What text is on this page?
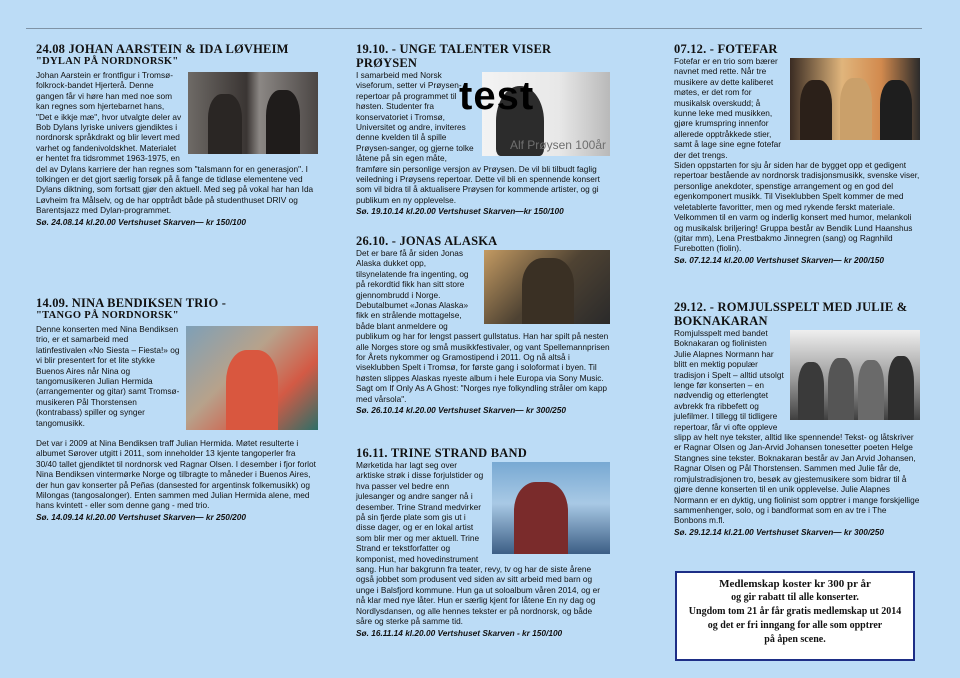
24.08 JOHAN AARSTEIN & IDA LØVHEIM

"DYLAN PÅ NORDNORSK"

Johan Aarstein er frontfigur i Tromsø-folkrock-bandet Hjerterå. Denne gangen får vi høre han med noe som kan regnes som hjertebarnet hans, "Det e ikkje mæ", hvor utvalgte deler av Bob Dylans lyriske univers gjendiktes i nordnorsk språkdrakt og blir levert med varhet og fandenivoldskhet. Materialet er hentet fra tidsrommet 1963-1975, en del av Dylans karriere der han regnes som "talsmann for en generasjon". I tolkingen er det gjort særlig forsøk på å fange de tidløse elementene ved Dylans diktning, som fortsatt gjør den aktuell. Med seg på vokal har han Ida Løvheim fra Målselv, og de har opptrådt både på studenthuset DRIV og Barentsjazz med Dylan-programmet.

Sø. 24.08.14 kl.20.00 Vertshuset Skarven— kr 150/100

14.09. NINA BENDIKSEN TRIO -

"TANGO PÅ NORDNORSK"

Denne konserten med Nina Bendiksen trio, er et samarbeid med latinfestivalen «No Siesta – Fiesta!» og vi blir presentert for et lite stykke Buenos Aires når Nina og tangomusikeren Julian Hermida (arrangementer og gitar) samt Tromsø-musikeren Pål Thorstensen (kontrabass) spiller og synger tangomusikk.

Det var i 2009 at Nina Bendiksen traff Julian Hermida. Møtet resulterte i albumet Sørover utgitt i 2011, som inneholder 13 kjente tangoperler fra 30/40 tallet gjendiktet til nordnorsk ved Ragnar Olsen. I desember i fjor forlot Nina Bendiksen vintermørke Norge og tilbragte to måneder i Buenos Aires, der hun gav konserter på Peñas (dansested for argentinsk folkemusikk) og Milongas (tangosalonger). Enten sammen med Julian Hermida alene, med hans kvintett - eller som denne gang - med trio.

Sø. 14.09.14 kl.20.00 Vertshuset Skarven— kr 250/200

19.10. - UNGE TALENTER VISER PRØYSEN

Alf Prøysen 100år

I samarbeid med Norsk viseforum, setter vi Prøysen-repertoar på programmet til høsten. Studenter fra konservatoriet i Tromsø, Universitet og andre, inviteres denne kvelden til å spille Prøysen-sanger, og gjerne tolke låtene på sin egen måte, framføre sin personlige versjon av Prøysen. De vil bli tilbudt faglig veiledning i Prøysens repertoar. Dette vil bli en spennende konsert som vil bidra til å aktualisere Prøysen for kommende artister, og gi publikum en ny opplevelse.

Sø. 19.10.14 kl.20.00 Vertshuset Skarven—kr 150/100

26.10. - JONAS ALASKA

Det er bare få år siden Jonas Alaska dukket opp, tilsynelatende fra ingenting, og på rekordtid fikk han sitt store gjennombrudd i Norge. Debutalbumet «Jonas Alaska» fikk en strålende mottagelse, både blant anmeldere og publikum og har for lengst passert gullstatus. Han har spilt på nesten alle Norges store og små musikkfestivaler, og vant Spellemannprisen for Årets nykommer og Gramostipend i 2011. Og nå altså i viseklubben Spelt i Tromsø, for første gang i soloformat i byen. Til høsten slippes Alaskas nyeste album i hele Europa via Sony Music. Sagt om If Only As A Ghost: "Norges nye folkyndling stråler om kapp med vårsola".

Sø. 26.10.14 kl.20.00 Vertshuset Skarven— kr 300/250

16.11. TRINE STRAND BAND

Mørketida har lagt seg over arktiske strøk i disse forjulstider og hva passer vel bedre enn julesanger og andre sanger nå i desember. Trine Strand medvirker på sin fjerde plate som gis ut i disse dager, og er en lokal artist som blir mer og mer aktuell. Trine Strand er tekstforfatter og komponist, med hovedinstrument sang. Hun har bakgrunn fra teater, revy, tv og har de siste årene også jobbet som produsent ved siden av sitt arbeid med barn og unge i Balsfjord kommune. Hun ga ut soloalbum våren 2014, og er nå klar med nye låter. Hun er særlig kjent for låtene En ny dag og Nordlysdansen, og alle hennes tekster er på nordnorsk, og både såre og sterke på samme tid.

Sø. 16.11.14 kl.20.00 Vertshuset Skarven - kr 150/100

test

07.12. - FOTEFAR

Fotefar er en trio som bærer navnet med rette. Når tre musikere av dette kaliberet møtes, er det rom for musikalsk overskudd; å kunne leke med musikken, gjøre krumspring innenfor allerede opptråkkede stier, samt å lage sine egne fotefar der det trengs.

Siden oppstarten for sju år siden har de bygget opp et gedigent repertoar bestående av nordnorsk tradisjonsmusikk, svenske viser, personlige anekdoter, spenstige arrangement og en god del egenkomponert musikk. Til Viseklubben Spelt kommer de med veletablerte favoritter, men og med rykende ferskt materiale. Velkommen til en varm og inderlig konsert med humor, melankoli og musikalsk briljering! Gruppa består av Bendik Lund Haanshus (gitar mm), Lena Prestbakmo Jinnegren (sang) og Ragnhild Furebotten (fiolin).

Sø. 07.12.14 kl.20.00 Vertshuset Skarven— kr 200/150

29.12. - ROMJULSSPELT MED JULIE & BOKNAKARAN

Romjulsspelt med bandet Boknakaran og fiolinisten Julie Alapnes Normann har blitt en mektig populær tradisjon i Spelt – alltid utsolgt lenge før konserten – en nødvendig og etterlengtet avbrekk fra ribbefett og julefilmer. I tillegg til tidligere repertoar, får vi ofte oppleve slipp av helt nye tekster, alltid like spennende! Tekst- og låtskriver er Ragnar Olsen og Jan-Arvid Johansen tonesetter poeten Helge Stangnes sine tekster. Boknakaran består av Jan Arvid Johansen, Ragnar Olsen og Pål Thorstensen. Sammen med Julie får de, romjulstradisjonen tro, besøk av gjestemusikere som bidrar til å gjøre denne konserten til en unik opplevelse. Julie Alapnes Normann er en dyktig, ung fiolinist som opptrer i mange forskjellige sammenhenger, solo, og i bandformat som en av tre i The Bonbons m.fl.

Sø. 29.12.14 kl.21.00 Vertshuset Skarven— kr 300/250

Medlemskap koster kr 300 pr år
og gir rabatt til alle konserter.
Ungdom tom 21 år får gratis medlemskap ut 2014
og det er fri inngang for alle som opptrer
på åpen scene.
